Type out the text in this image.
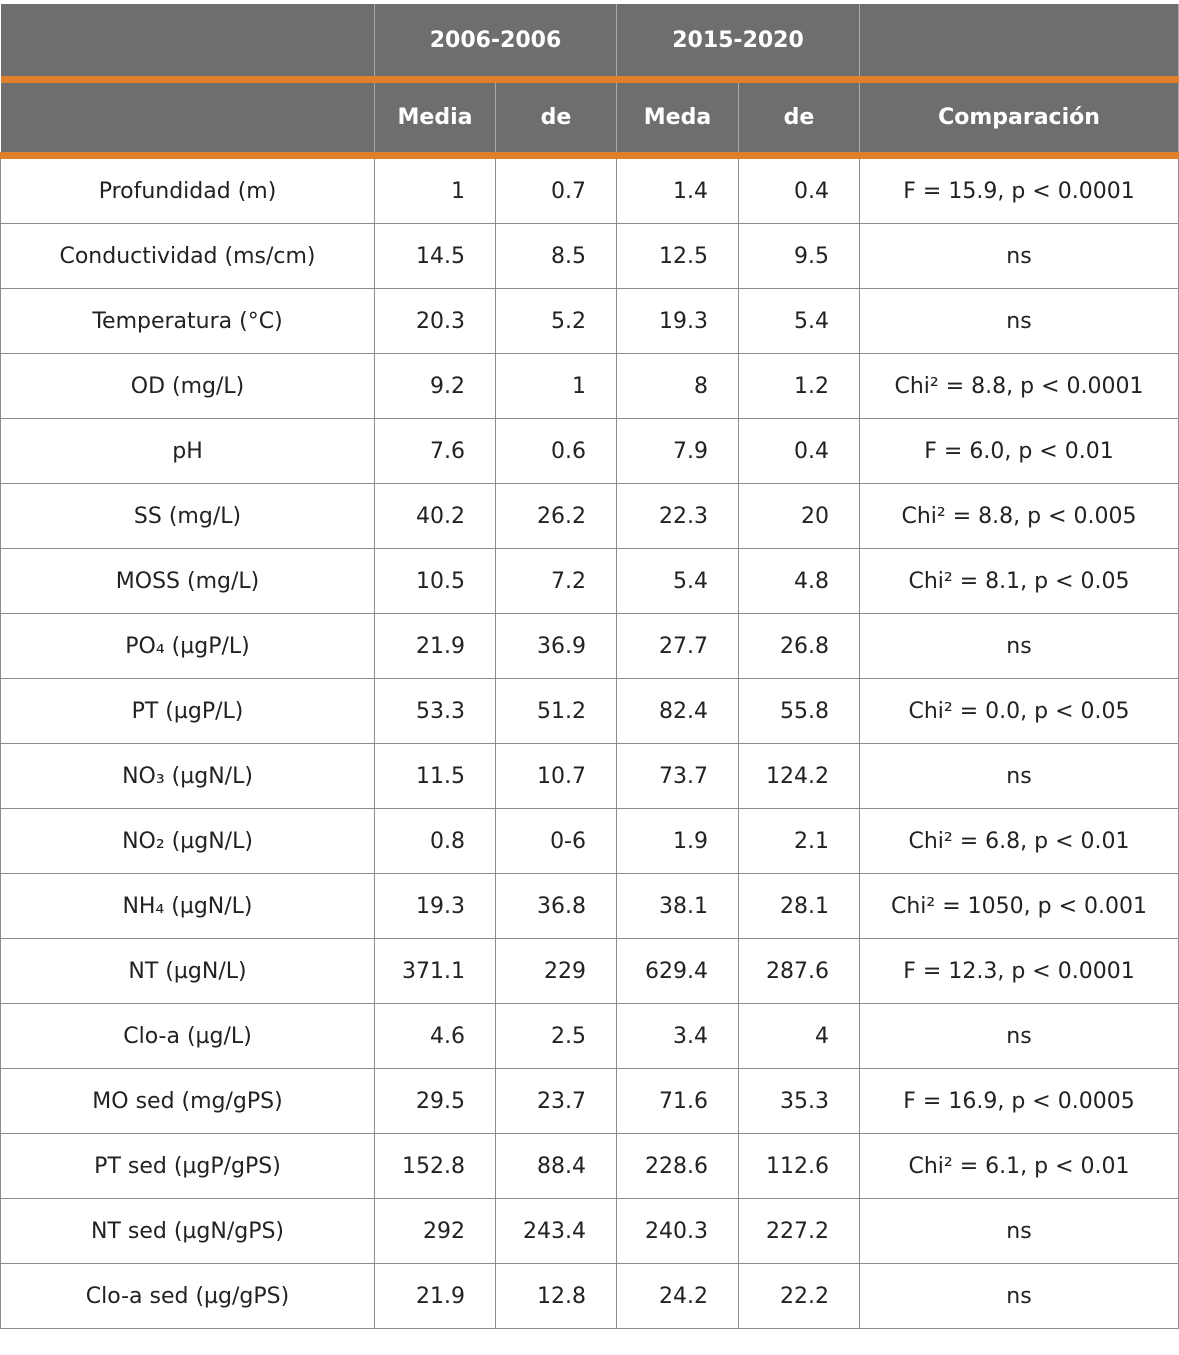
	2006-2006		2015-2020		
	Media	de	Meda	de	Comparación
Profundidad (m)	1	0.7	1.4	0.4	F = 15.9, p < 0.0001
Conductividad (ms/cm)	14.5	8.5	12.5	9.5	ns
Temperatura (°C)	20.3	5.2	19.3	5.4	ns
OD (mg/L)	9.2	1	8	1.2	Chi² = 8.8, p < 0.0001
pH	7.6	0.6	7.9	0.4	F = 6.0, p < 0.01
SS (mg/L)	40.2	26.2	22.3	20	Chi² = 8.8, p < 0.005
MOSS (mg/L)	10.5	7.2	5.4	4.8	Chi² = 8.1, p < 0.05
PO₄ (µgP/L)	21.9	36.9	27.7	26.8	ns
PT (µgP/L)	53.3	51.2	82.4	55.8	Chi² = 0.0, p < 0.05
NO₃ (µgN/L)	11.5	10.7	73.7	124.2	ns
NO₂ (µgN/L)	0.8	0-6	1.9	2.1	Chi² = 6.8, p < 0.01
NH₄ (µgN/L)	19.3	36.8	38.1	28.1	Chi² = 1050, p < 0.001
NT (µgN/L)	371.1	229	629.4	287.6	F = 12.3, p < 0.0001
Clo-a (µg/L)	4.6	2.5	3.4	4	ns
MO sed (mg/gPS)	29.5	23.7	71.6	35.3	F = 16.9, p < 0.0005
PT sed (µgP/gPS)	152.8	88.4	228.6	112.6	Chi² = 6.1, p < 0.01
NT sed (µgN/gPS)	292	243.4	240.3	227.2	ns
Clo-a sed (µg/gPS)	21.9	12.8	24.2	22.2	ns
